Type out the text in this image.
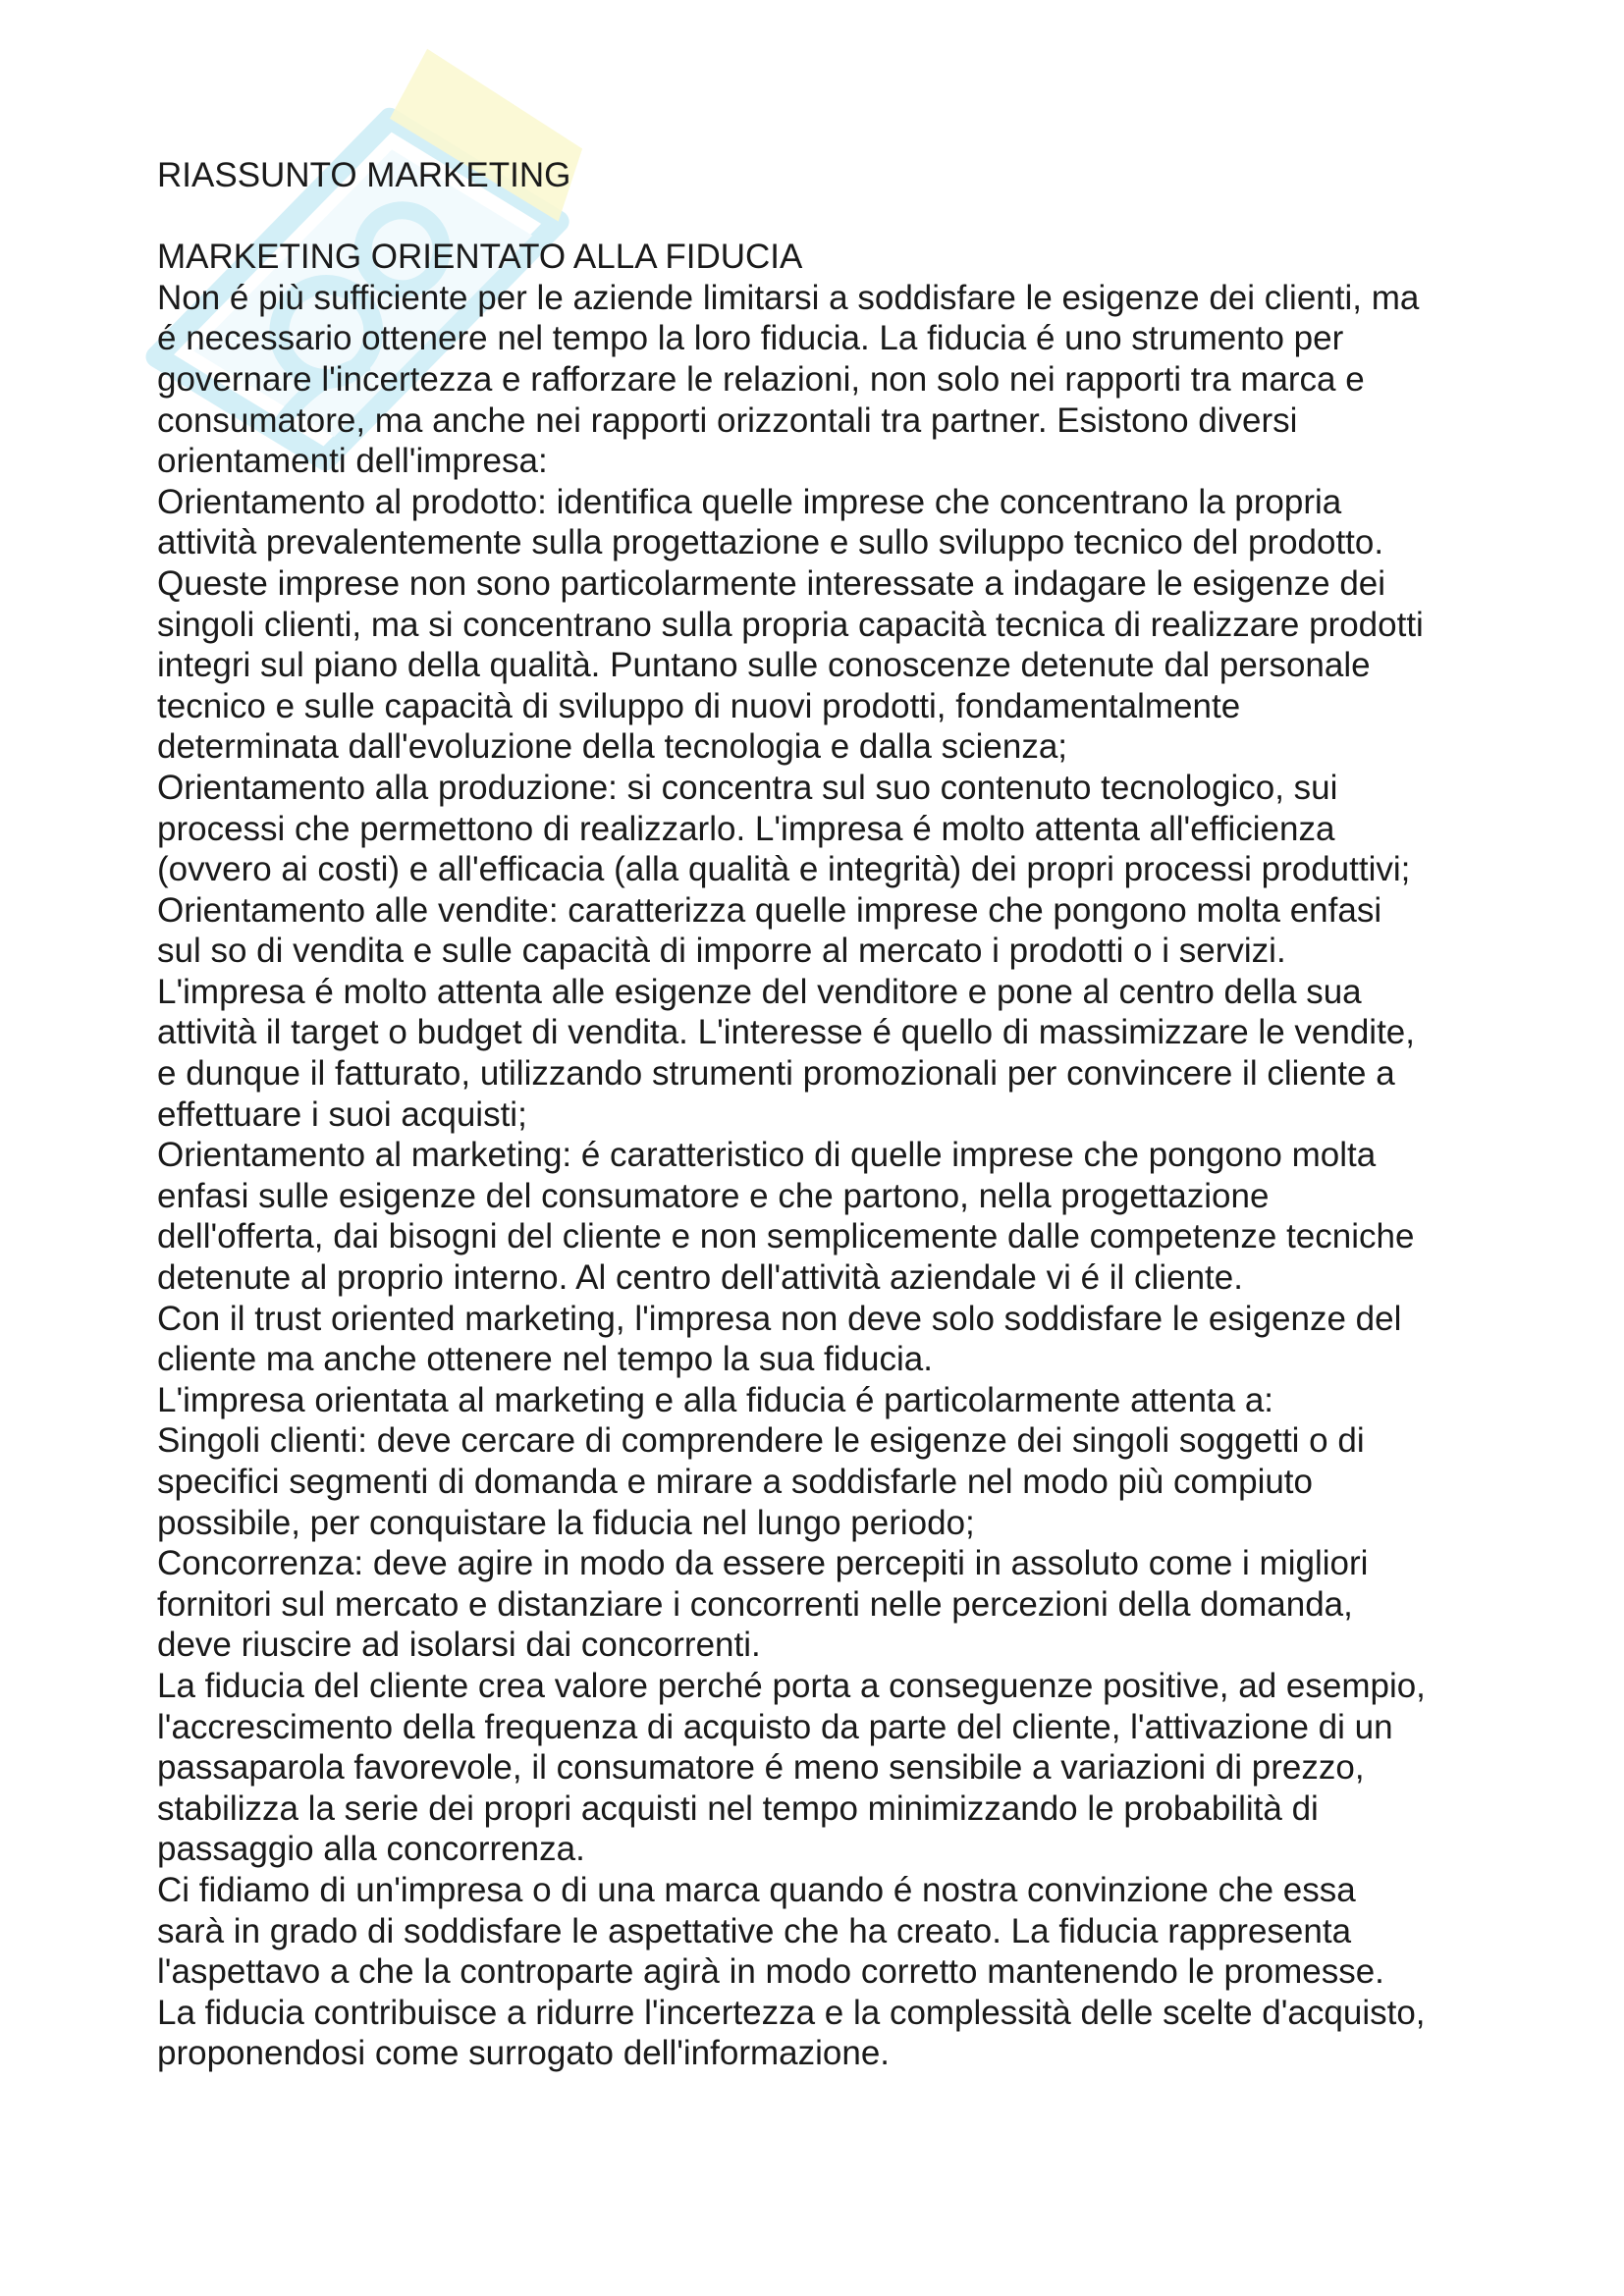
RIASSUNTO MARKETING
MARKETING ORIENTATO ALLA FIDUCIA
Non é più sufficiente per le aziende limitarsi a soddisfare le esigenze dei clienti, ma
é necessario ottenere nel tempo la loro fiducia. La fiducia é uno strumento per
governare l'incertezza e rafforzare le relazioni, non solo nei rapporti tra marca e
consumatore, ma anche nei rapporti orizzontali tra partner. Esistono diversi
orientamenti dell'impresa:
Orientamento al prodotto: identifica quelle imprese che concentrano la propria
attività prevalentemente sulla progettazione e sullo sviluppo tecnico del prodotto.
Queste imprese non sono particolarmente interessate a indagare le esigenze dei
singoli clienti, ma si concentrano sulla propria capacità tecnica di realizzare prodotti
integri sul piano della qualità. Puntano sulle conoscenze detenute dal personale
tecnico e sulle capacità di sviluppo di nuovi prodotti, fondamentalmente
determinata dall'evoluzione della tecnologia e dalla scienza;
Orientamento alla produzione: si concentra sul suo contenuto tecnologico, sui
processi che permettono di realizzarlo. L'impresa é molto attenta all'efficienza
(ovvero ai costi) e all'efficacia (alla qualità e integrità) dei propri processi produttivi;
Orientamento alle vendite: caratterizza quelle imprese che pongono molta enfasi
sul so di vendita e sulle capacità di imporre al mercato i prodotti o i servizi.
L'impresa é molto attenta alle esigenze del venditore e pone al centro della sua
attività il target o budget di vendita. L'interesse é quello di massimizzare le vendite,
e dunque il fatturato, utilizzando strumenti promozionali per convincere il cliente a
effettuare i suoi acquisti;
Orientamento al marketing: é caratteristico di quelle imprese che pongono molta
enfasi sulle esigenze del consumatore e che partono, nella progettazione
dell'offerta, dai bisogni del cliente e non semplicemente dalle competenze tecniche
detenute al proprio interno. Al centro dell'attività aziendale vi é il cliente.
Con il trust oriented marketing, l'impresa non deve solo soddisfare le esigenze del
cliente ma anche ottenere nel tempo la sua fiducia.
L'impresa orientata al marketing e alla fiducia é particolarmente attenta a:
Singoli clienti: deve cercare di comprendere le esigenze dei singoli soggetti o di
specifici segmenti di domanda e mirare a soddisfarle nel modo più compiuto
possibile, per conquistare la fiducia nel lungo periodo;
Concorrenza: deve agire in modo da essere percepiti in assoluto come i migliori
fornitori sul mercato e distanziare i concorrenti nelle percezioni della domanda,
deve riuscire ad isolarsi dai concorrenti.
La fiducia del cliente crea valore perché porta a conseguenze positive, ad esempio,
l'accrescimento della frequenza di acquisto da parte del cliente, l'attivazione di un
passaparola favorevole, il consumatore é meno sensibile a variazioni di prezzo,
stabilizza la serie dei propri acquisti nel tempo minimizzando le probabilità di
passaggio alla concorrenza.
Ci fidiamo di un'impresa o di una marca quando é nostra convinzione che essa
sarà in grado di soddisfare le aspettative che ha creato. La fiducia rappresenta
l'aspettavo a che la controparte agirà in modo corretto mantenendo le promesse.
La fiducia contribuisce a ridurre l'incertezza e la complessità delle scelte d'acquisto,
proponendosi come surrogato dell'informazione.
